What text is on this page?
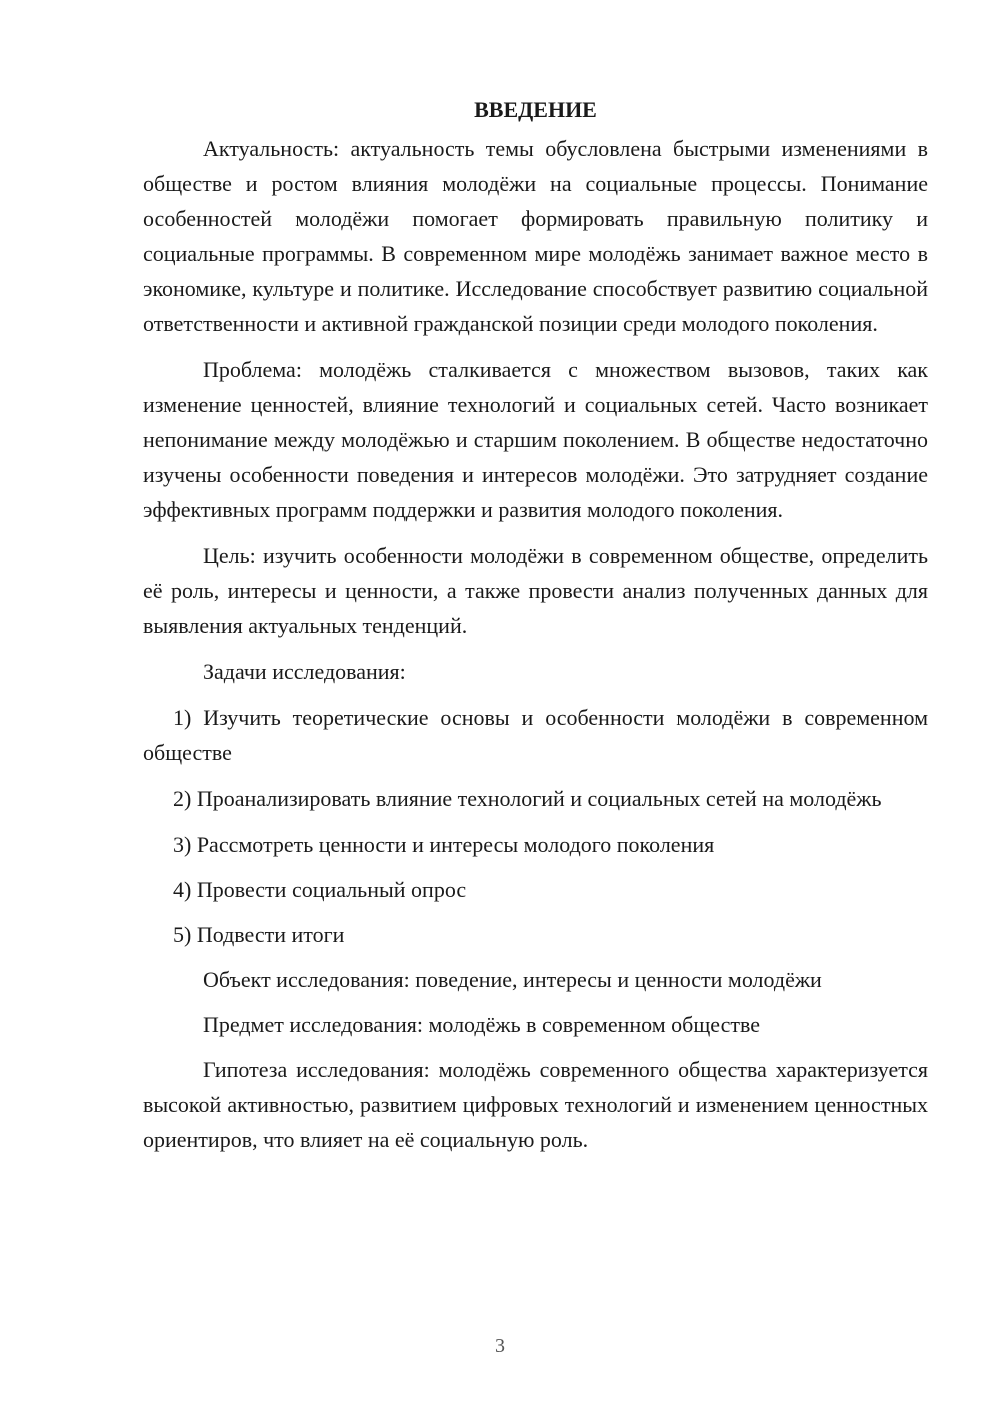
ВВЕДЕНИЕ

Актуальность: актуальность темы обусловлена быстрыми изменениями в обществе и ростом влияния молодёжи на социальные процессы. Понимание особенностей молодёжи помогает формировать правильную политику и социальные программы. В современном мире молодёжь занимает важное место в экономике, культуре и политике. Исследование способствует развитию социальной ответственности и активной гражданской позиции среди молодого поколения.

Проблема: молодёжь сталкивается с множеством вызовов, таких как изменение ценностей, влияние технологий и социальных сетей. Часто возникает непонимание между молодёжью и старшим поколением. В обществе недостаточно изучены особенности поведения и интересов молодёжи. Это затрудняет создание эффективных программ поддержки и развития молодого поколения.

Цель: изучить особенности молодёжи в современном обществе, определить её роль, интересы и ценности, а также провести анализ полученных данных для выявления актуальных тенденций.

Задачи исследования:

1) Изучить теоретические основы и особенности молодёжи в современном обществе

2) Проанализировать влияние технологий и социальных сетей на молодёжь

3) Рассмотреть ценности и интересы молодого поколения

4) Провести социальный опрос

5) Подвести итоги

Объект исследования: поведение, интересы и ценности молодёжи

Предмет исследования: молодёжь в современном обществе

Гипотеза исследования: молодёжь современного общества характеризуется высокой активностью, развитием цифровых технологий и изменением ценностных ориентиров, что влияет на её социальную роль.

3
